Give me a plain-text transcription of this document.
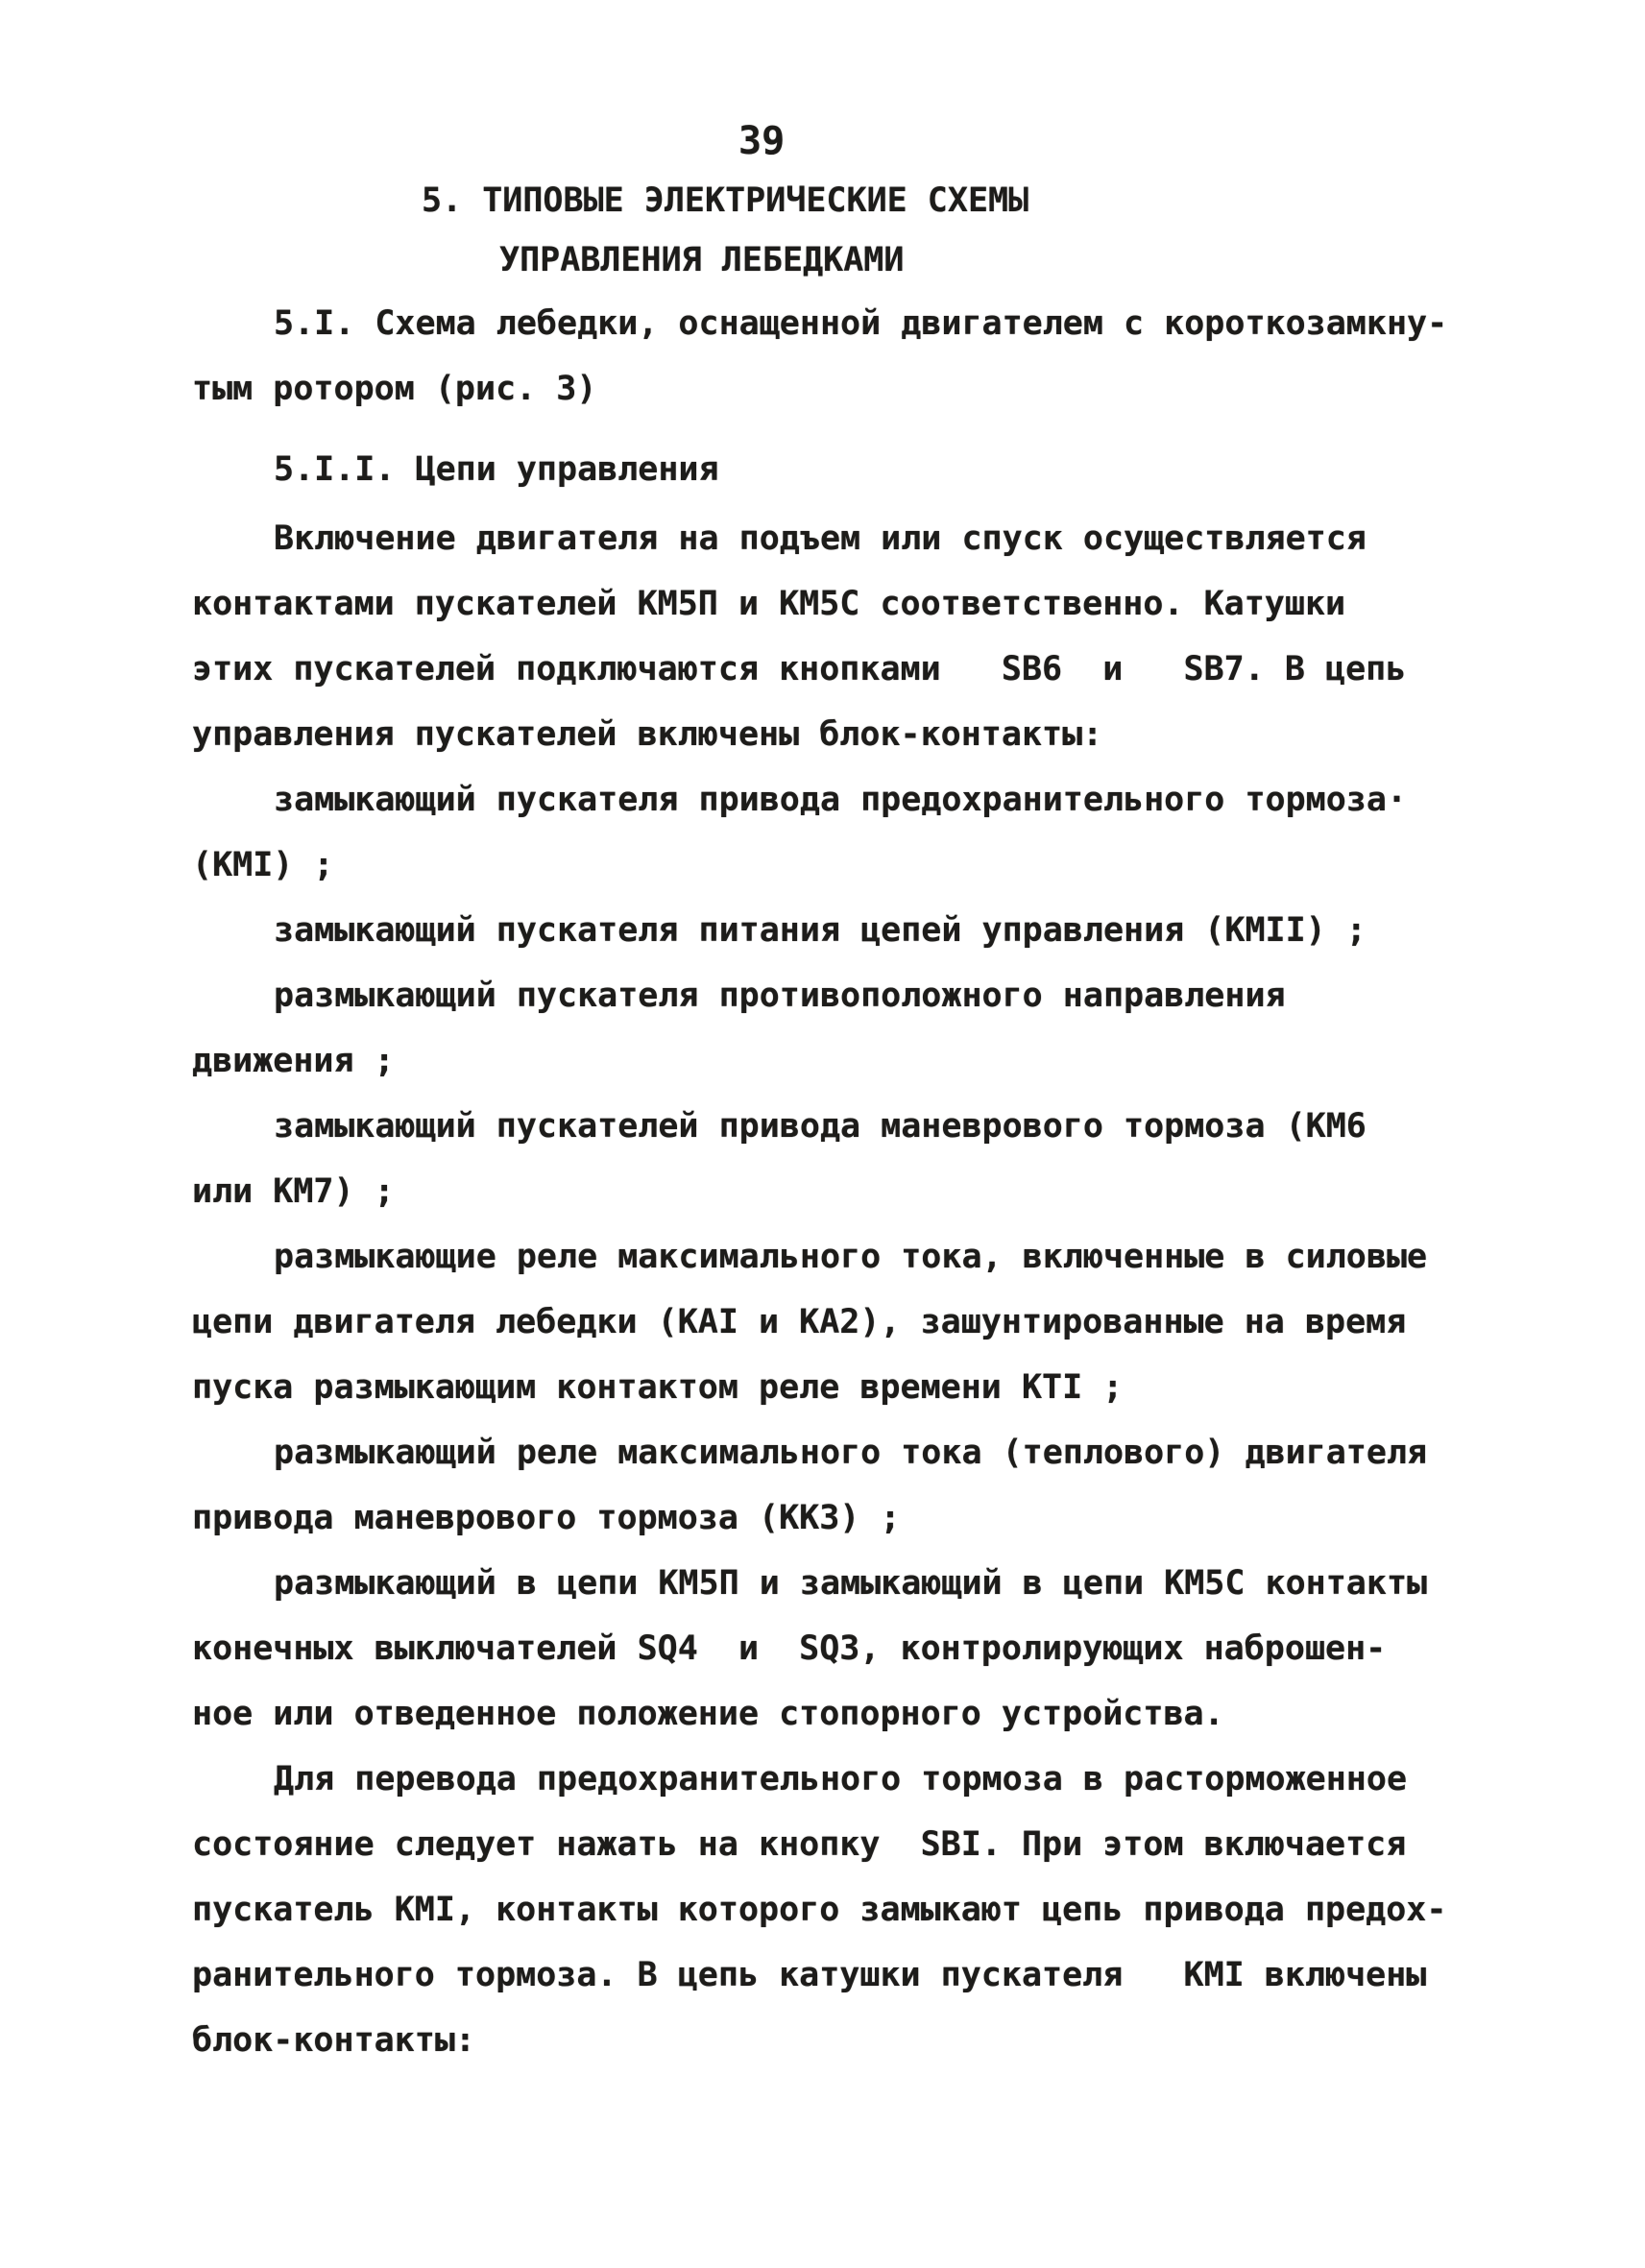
39
5. ТИПОВЫЕ ЭЛЕКТРИЧЕСКИЕ СХЕМЫ
УПРАВЛЕНИЯ ЛЕБЕДКАМИ
5.I. Схема лебедки, оснащенной двигателем с короткозамкну-
тым ротором (рис. 3)
5.I.I. Цепи управления
Включение двигателя на подъем или спуск осуществляется
контактами пускателей КМ5П и КМ5С соответственно. Катушки
этих пускателей подключаются кнопками   SB6  и   SB7. В цепь
управления пускателей включены блок-контакты:
замыкающий пускателя привода предохранительного тормоза·
(КМI) ;
замыкающий пускателя питания цепей управления (КМII) ;
размыкающий пускателя противоположного направления
движения ;
замыкающий пускателей привода маневрового тормоза (КМ6
или КМ7) ;
размыкающие реле максимального тока, включенные в силовые
цепи двигателя лебедки (КАI и КА2), зашунтированные на время
пуска размыкающим контактом реле времени КТI ;
размыкающий реле максимального тока (теплового) двигателя
привода маневрового тормоза (КК3) ;
размыкающий в цепи КМ5П и замыкающий в цепи КМ5С контакты
конечных выключателей SQ4  и  SQ3, контролирующих наброшен-
ное или отведенное положение стопорного устройства.
Для перевода предохранительного тормоза в расторможенное
состояние следует нажать на кнопку  SBI. При этом включается
пускатель КМI, контакты которого замыкают цепь привода предох-
ранительного тормоза. В цепь катушки пускателя   КМI включены
блок-контакты:
